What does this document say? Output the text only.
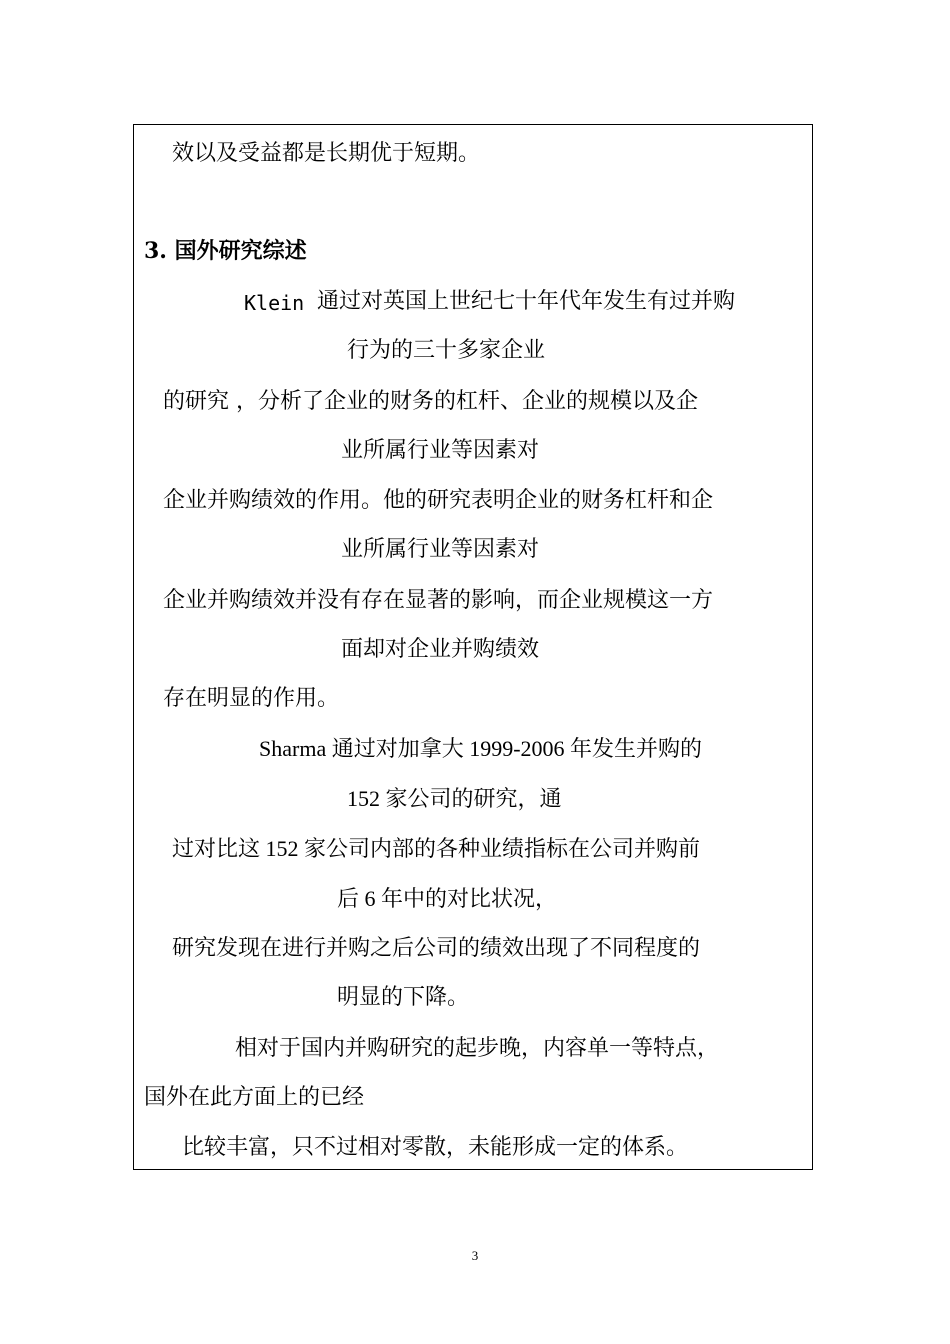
效以及受益都是长期优于短期。
3. 国外研究综述
Klein 通过对英国上世纪七十年代年发生有过并购
行为的三十多家企业
的研究 ，分析了企业的财务的杠杆、企业的规模以及企
业所属行业等因素对
企业并购绩效的作用。他的研究表明企业的财务杠杆和企
业所属行业等因素对
企业并购绩效并没有存在显著的影响，而企业规模这一方
面却对企业并购绩效
存在明显的作用。
Sharma 通过对加拿大 1999-2006 年发生并购的
152 家公司的研究，通
过对比这 152 家公司内部的各种业绩指标在公司并购前
后 6 年中的对比状况，
研究发现在进行并购之后公司的绩效出现了不同程度的
明显的下降。
相对于国内并购研究的起步晚，内容单一等特点，
国外在此方面上的已经
比较丰富，只不过相对零散，未能形成一定的体系。
3
